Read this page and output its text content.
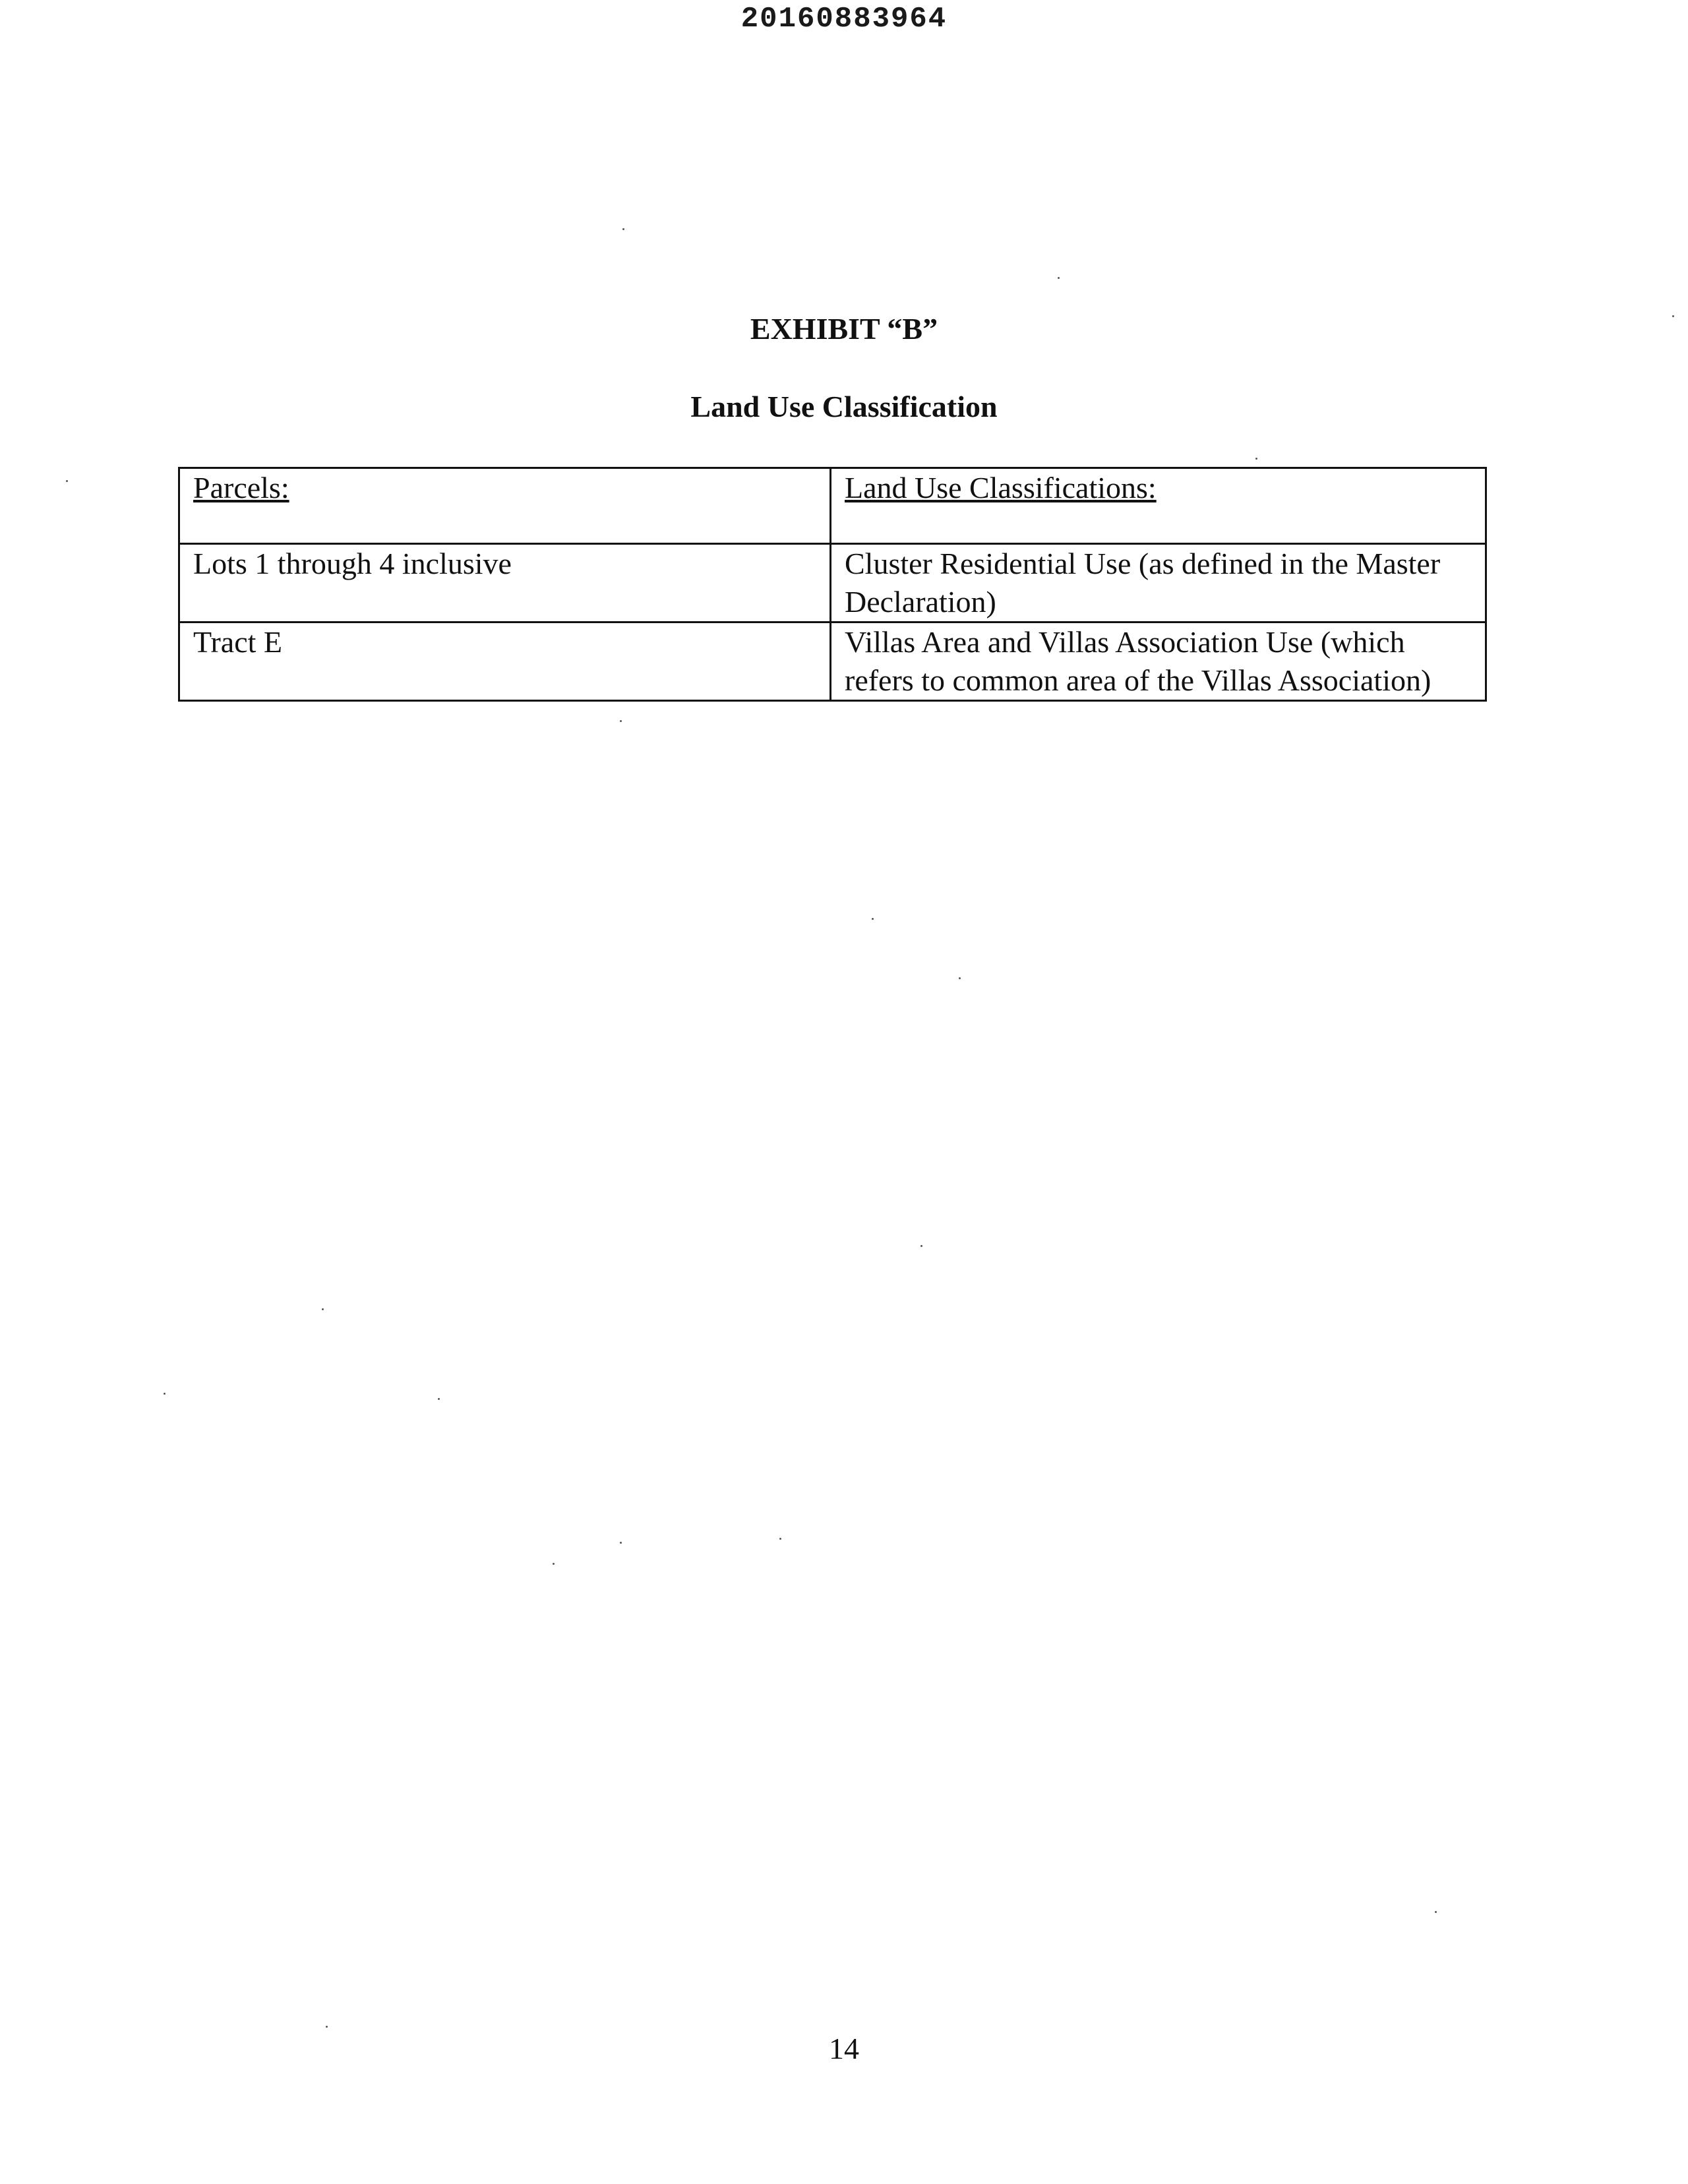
20160883964
EXHIBIT “B”
Land Use Classification
Parcels:	Land Use Classifications:
Lots 1 through 4 inclusive	Cluster Residential Use (as defined in the Master Declaration)
Tract E	Villas Area and Villas Association Use (which refers to common area of the Villas Association)
14
